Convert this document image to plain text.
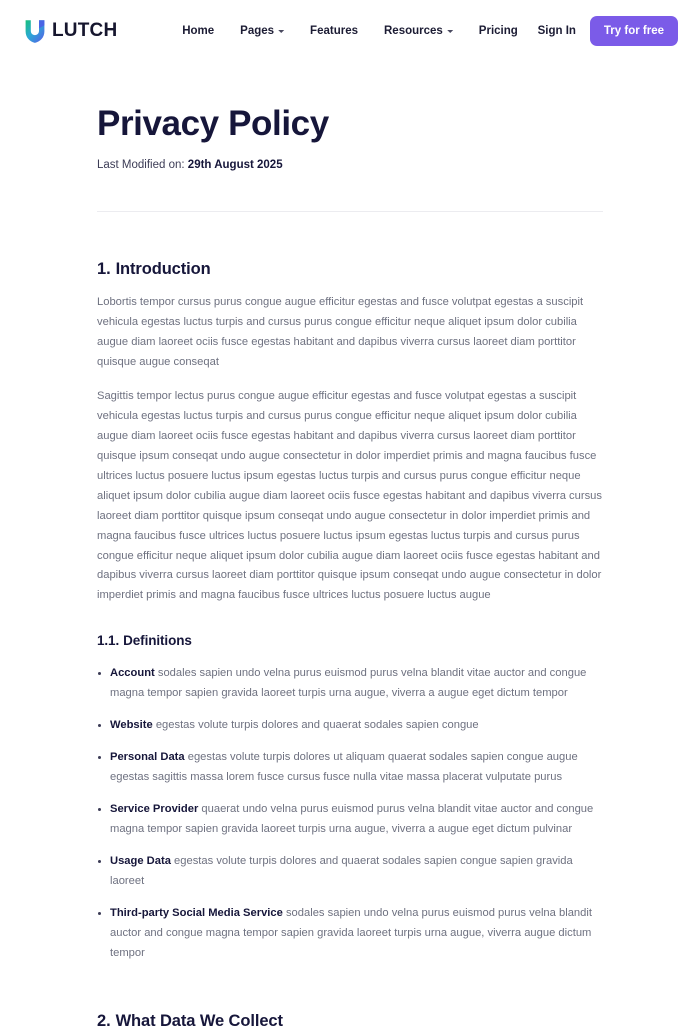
LUTCH	Home Pages	Features Resources	Pricing Sign In	Try for free
Privacy Policy
Last Modified on: 29th August 2025
1. Introduction

Lobortis tempor cursus purus congue augue efficitur egestas and fusce volutpat egestas a suscipit vehicula egestas luctus turpis and cursus purus congue efficitur neque aliquet ipsum dolor cubilia augue diam laoreet ociis fusce egestas habitant and dapibus viverra cursus laoreet diam porttitor quisque augue conseqat

Sagittis tempor lectus purus congue augue efficitur egestas and fusce volutpat egestas a suscipit vehicula egestas luctus turpis and cursus purus congue efficitur neque aliquet ipsum dolor cubilia augue diam laoreet ociis fusce egestas habitant and dapibus viverra cursus laoreet diam porttitor quisque ipsum conseqat undo augue consectetur in dolor imperdiet primis and magna faucibus fusce ultrices luctus posuere luctus ipsum egestas luctus turpis and cursus purus congue efficitur neque aliquet ipsum dolor cubilia augue diam laoreet ociis fusce egestas habitant and dapibus viverra cursus laoreet diam porttitor quisque ipsum conseqat undo augue consectetur in dolor imperdiet primis and magna faucibus fusce ultrices luctus posuere luctus ipsum egestas luctus turpis and cursus purus congue efficitur neque aliquet ipsum dolor cubilia augue diam laoreet ociis fusce egestas habitant and dapibus viverra cursus laoreet diam porttitor quisque ipsum conseqat undo augue consectetur in dolor imperdiet primis and magna faucibus fusce ultrices luctus posuere luctus augue

1.1. Definitions
Account sodales sapien undo velna purus euismod purus velna blandit vitae auctor and congue magna tempor sapien gravida laoreet turpis urna augue, viverra a augue eget dictum tempor
Website egestas volute turpis dolores and quaerat sodales sapien congue
Personal Data egestas volute turpis dolores ut aliquam quaerat sodales sapien congue augue egestas sagittis massa lorem fusce cursus fusce nulla vitae massa placerat vulputate purus
Service Provider quaerat undo velna purus euismod purus velna blandit vitae auctor and congue magna tempor sapien gravida laoreet turpis urna augue, viverra a augue eget dictum pulvinar
Usage Data egestas volute turpis dolores and quaerat sodales sapien congue sapien gravida laoreet
Third-party Social Media Service sodales sapien undo velna purus euismod purus velna blandit auctor and congue magna tempor sapien gravida laoreet turpis urna augue, viverra augue dictum tempor
2. What Data We Collect
